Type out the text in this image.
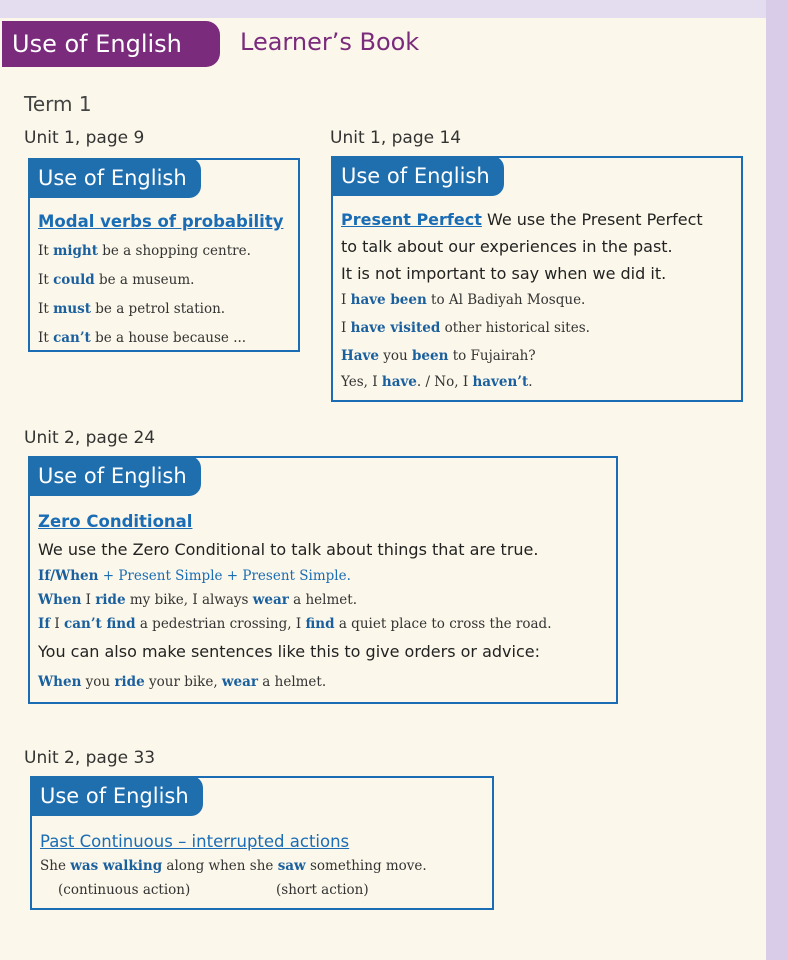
Use of English	Learner’s Book
Term 1
Unit 1, page 9
Use of English
Modal verbs of probability
It might be a shopping centre.
It could be a museum.
It must be a petrol station.
It can’t be a house because ...
Unit 1, page 14
Use of English
Present Perfect We use the Present Perfect
to talk about our experiences in the past.
It is not important to say when we did it.
I have been to Al Badiyah Mosque.
I have visited other historical sites.
Have you been to Fujairah?
Yes, I have. / No, I haven’t.
Unit 2, page 24
Use of English
Zero Conditional
We use the Zero Conditional to talk about things that are true.
If/When + Present Simple + Present Simple.
When I ride my bike, I always wear a helmet.
If I can’t find a pedestrian crossing, I find a quiet place to cross the road.
You can also make sentences like this to give orders or advice:
When you ride your bike, wear a helmet.
Unit 2, page 33
Use of English
Past Continuous – interrupted actions
She was walking along when she saw something move.
(continuous action)	(short action)
